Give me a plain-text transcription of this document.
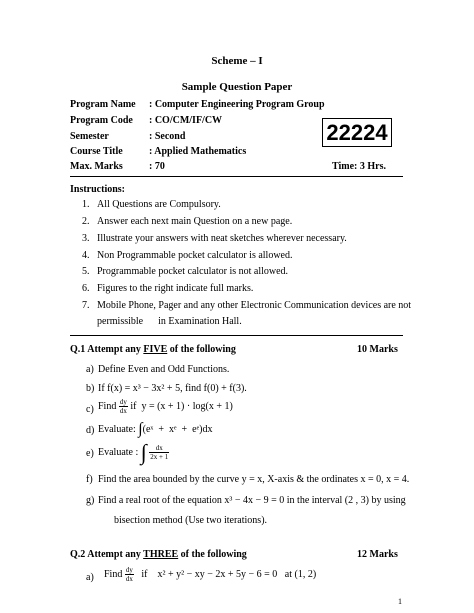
Scheme – I
Sample Question Paper
Program Name : Computer Engineering Program Group
Program Code : CO/CM/IF/CW
Semester	: Second
Course Title	: Applied Mathematics
Max. Marks	: 70	Time: 3 Hrs.
22224
Instructions:
1. All Questions are Compulsory.
2. Answer each next main Question on a new page.
3. Illustrate your answers with neat sketches wherever necessary.
4. Non Programmable pocket calculator is allowed.
5. Programmable pocket calculator is not allowed.
6. Figures to the right indicate full marks.
7. Mobile Phone, Pager and any other Electronic Communication devices are not
permissible      in Examination Hall.
Q.1 Attempt any FIVE of the following	10 Marks
a) Define Even and Odd Functions.
b) If f(x) = x³ − 3x² + 5, find f(0) + f(3).
c) Find $\frac{dy}{dx}$ if  y = (x + 1) · log(x + 1)
d) Evaluate: ∫(eˣ  +  xᵉ  +  eᵉ)dx
e) Evaluate : ∫ $\frac{dx}{2x + 1}$
f) Find the area bounded by the curve y = x, X-axis & the ordinates x = 0, x = 4.
g) Find a real root of the equation x³ − 4x − 9 = 0 in the interval (2 , 3) by using
bisection method (Use two iterations).
Q.2 Attempt any THREE of the following	12 Marks
a) Find $\frac{dy}{dx}$ if    x² + y² − xy − 2x + 5y − 6 = 0   at (1, 2)
1
